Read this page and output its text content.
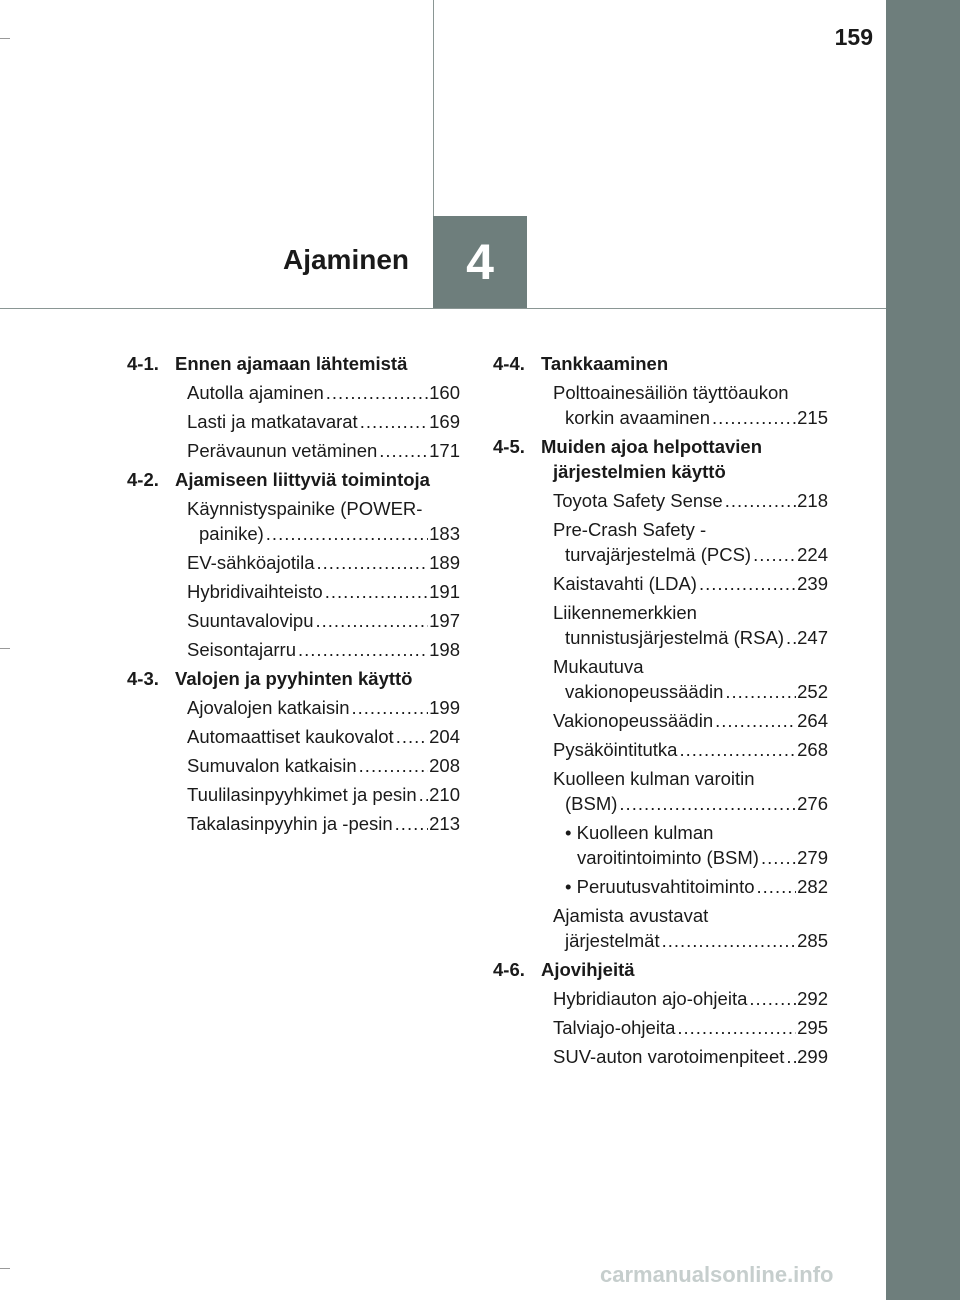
159
Ajaminen 4
4-1. Ennen ajamaan lähtemistä
Autolla ajaminen .....	160
Lasti ja matkatavarat .....	169
Perävaunun vetäminen .....	171
4-2. Ajamiseen liittyviä toimintoja
Käynnistyspainike (POWER-painike) .....	183
EV-sähköajotila .....	189
Hybridivaihteisto .....	191
Suuntavalovipu .....	197
Seisontajarru .....	198
4-3. Valojen ja pyyhinten käyttö
Ajovalojen katkaisin .....	199
Automaattiset kaukovalot .....	204
Sumuvalon katkaisin .....	208
Tuulilasinpyyhkimet ja pesin ..... 210
Takalasinpyyhin ja -pesin .....	213
4-4. Tankkaaminen
Polttoainesäiliön täyttöaukon korkin avaaminen .....	215
4-5. Muiden ajoa helpottavien järjestelmien käyttö
Toyota Safety Sense .....	218
Pre-Crash Safety -turvajärjestelmä (PCS) .....	224
Kaistavahti (LDA) .....	239
Liikennemerkkien tunnistusjärjestelmä (RSA) ..... 247
Mukautuva vakionopeussäädin .....	252
Vakionopeussäädin .....	264
Pysäköintitutka .....	268
Kuolleen kulman varoitin (BSM) .....	276
• Kuolleen kulman varoitintoiminto (BSM) .....	279
• Peruutusvahtitoiminto .....	282
Ajamista avustavat järjestelmät .....	285
4-6. Ajovihjeitä
Hybridiauton ajo-ohjeita .....	292
Talviajo-ohjeita .....	295
SUV-auton varotoimenpiteet ..... 299
carmanualsonline.info
